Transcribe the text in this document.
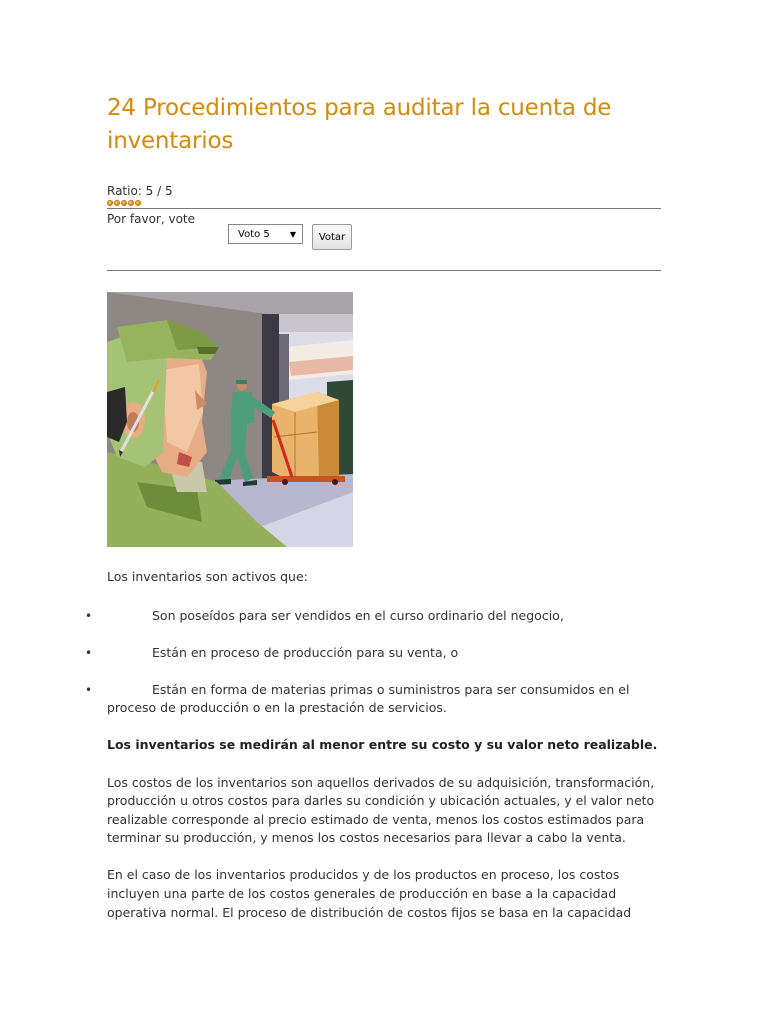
24 Procedimientos para auditar la cuenta de inventarios
Ratio: 5 / 5
Por favor, vote
Voto 5	▼	Votar
Los inventarios son activos que:
•	Son poseídos para ser vendidos en el curso ordinario del negocio,
•	Están en proceso de producción para su venta, o
•	Están en forma de materias primas o suministros para ser consumidos en el proceso de producción o en la prestación de servicios.
Los inventarios se medirán al menor entre su costo y su valor neto realizable.
Los costos de los inventarios son aquellos derivados de su adquisición, transformación, producción u otros costos para darles su condición y ubicación actuales, y el valor neto realizable corresponde al precio estimado de venta, menos los costos estimados para terminar su producción, y menos los costos necesarios para llevar a cabo la venta.
En el caso de los inventarios producidos y de los productos en proceso, los costos incluyen una parte de los costos generales de producción en base a la capacidad operativa normal. El proceso de distribución de costos fijos se basa en la capacidad
